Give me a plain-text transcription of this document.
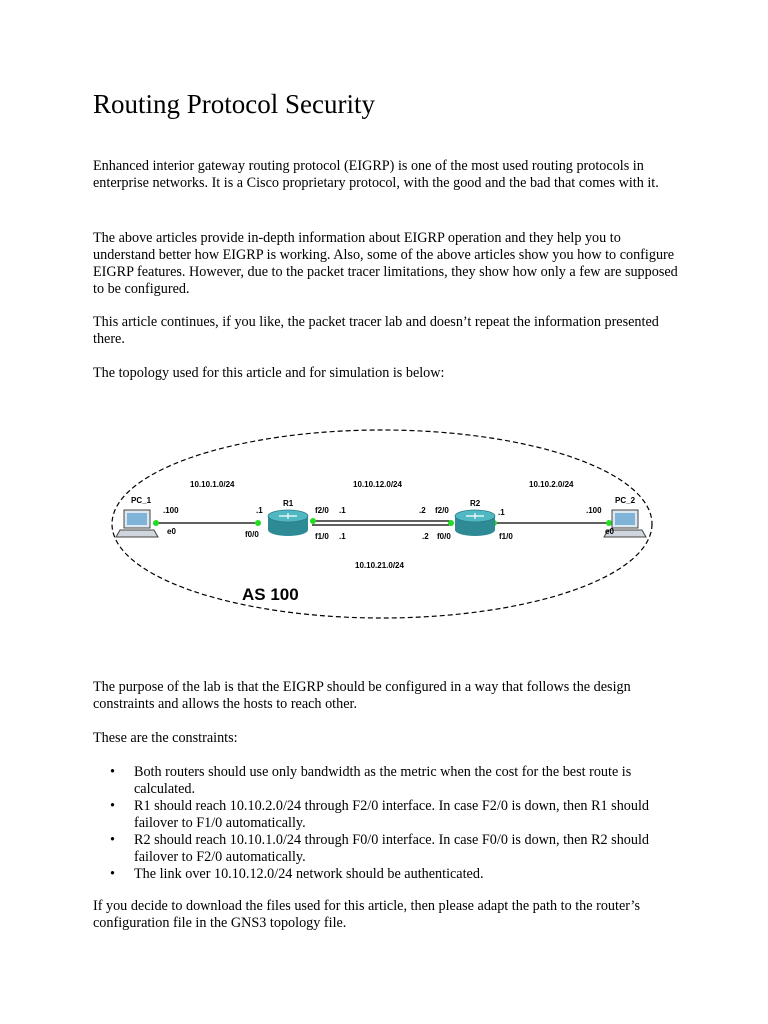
Routing Protocol Security

Enhanced interior gateway routing protocol (EIGRP) is one of the most used routing protocols in enterprise networks. It is a Cisco proprietary protocol, with the good and the bad that comes with it.

The above articles provide in-depth information about EIGRP operation and they help you to understand better how EIGRP is working. Also, some of the above articles show you how to configure EIGRP features. However, due to the packet tracer limitations, they show how only a few are supposed to be configured.

This article continues, if you like, the packet tracer lab and doesn’t repeat the information presented there.

The topology used for this article and for simulation is below:

The purpose of the lab is that the EIGRP should be configured in a way that follows the design constraints and allows the hosts to reach other.

These are the constraints:

• Both routers should use only bandwidth as the metric when the cost for the best route is calculated.
• R1 should reach 10.10.2.0/24 through F2/0 interface. In case F2/0 is down, then R1 should failover to F1/0 automatically.
• R2 should reach 10.10.1.0/24 through F0/0 interface. In case F0/0 is down, then R2 should failover to F2/0 automatically.
• The link over 10.10.12.0/24 network should be authenticated.

If you decide to download the files used for this article, then please adapt the path to the router’s configuration file in the GNS3 topology file.

10.10.1.0/24	10.10.12.0/24	10.10.2.0/24
10.10.21.0/24
PC_1
.100
e0
R1
.1
f0/0
f2/0 .1
f1/0 .1
R2
.2 f2/0
.2 f0/0
.1
f1/0
PC_2
.100
e0
AS 100
